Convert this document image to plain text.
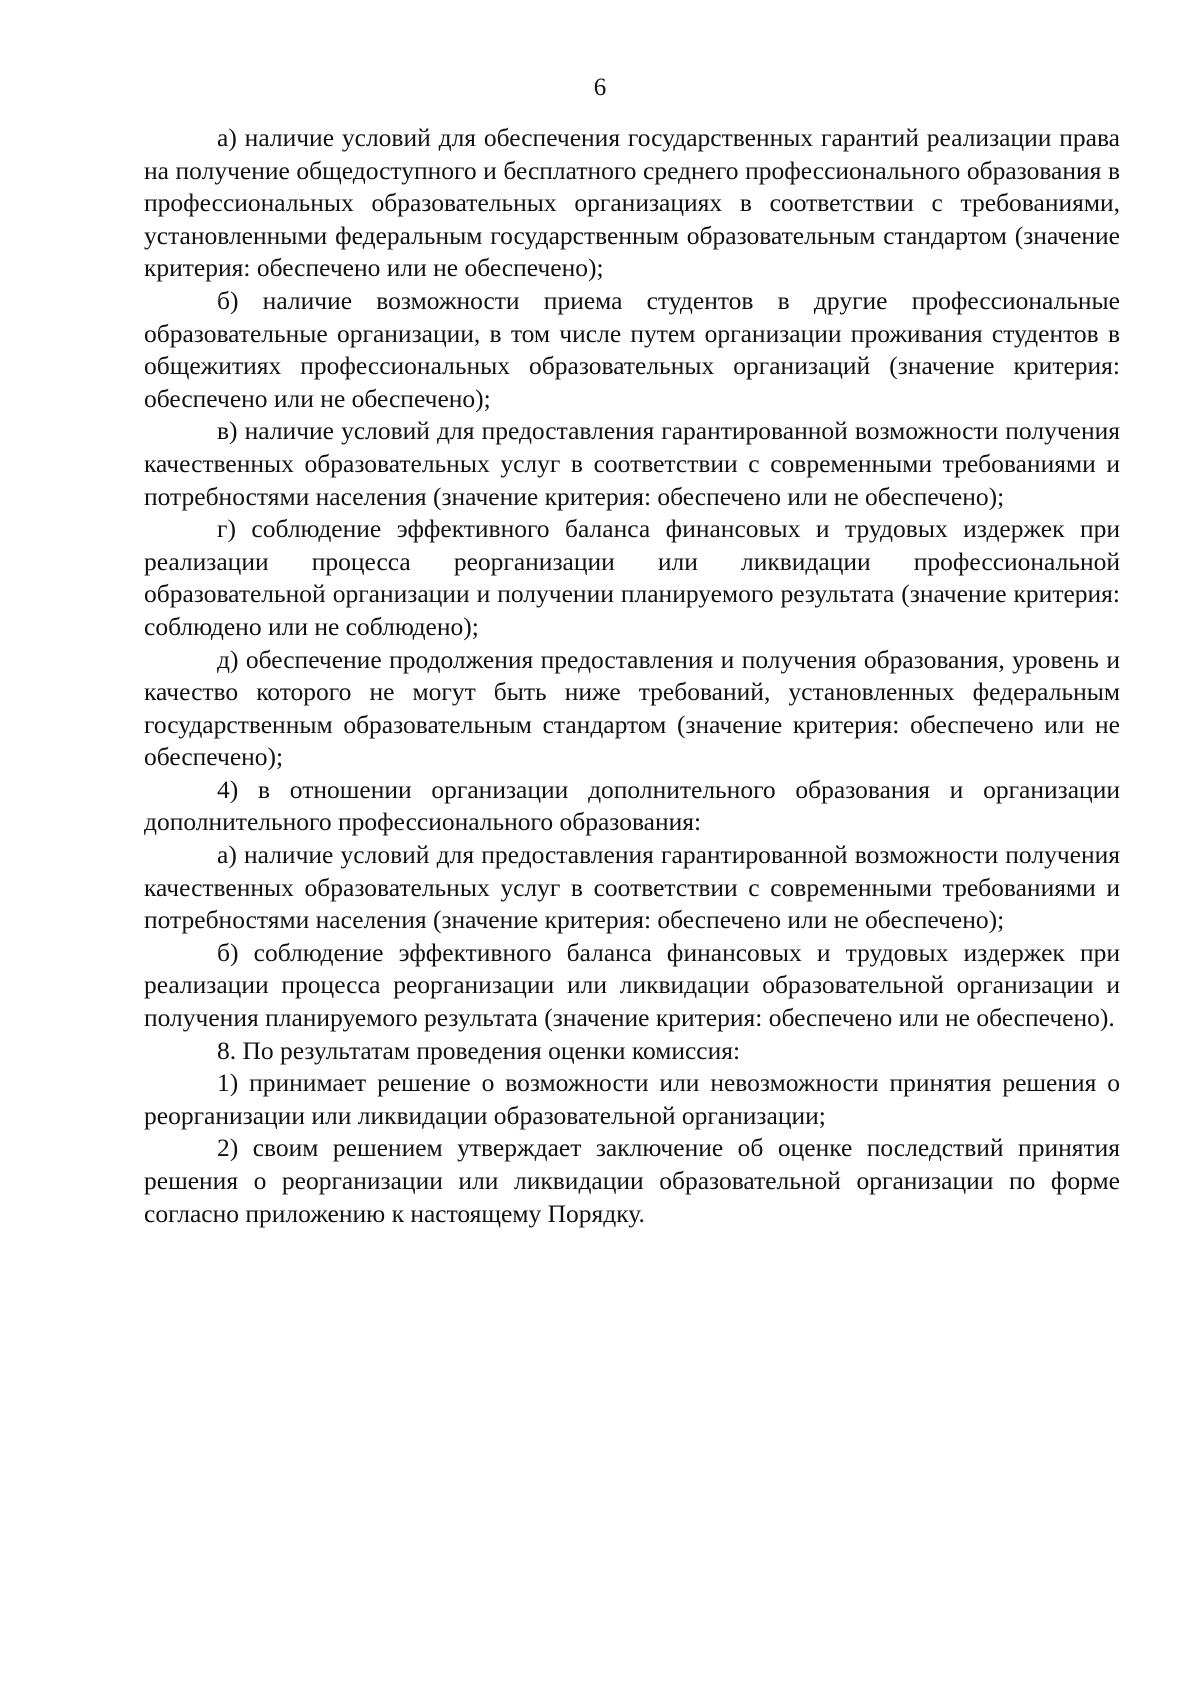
6

а) наличие условий для обеспечения государственных гарантий реализации права на получение общедоступного и бесплатного среднего профессионального образования в профессиональных образовательных организациях в соответствии с требованиями, установленными федеральным государственным образовательным стандартом (значение критерия: обеспечено или не обеспечено);

б) наличие возможности приема студентов в другие профессиональные образовательные организации, в том числе путем организации проживания студентов в общежитиях профессиональных образовательных организаций (значение критерия: обеспечено или не обеспечено);

в) наличие условий для предоставления гарантированной возможности получения качественных образовательных услуг в соответствии с современными требованиями и потребностями населения (значение критерия: обеспечено или не обеспечено);

г) соблюдение эффективного баланса финансовых и трудовых издержек при реализации процесса реорганизации или ликвидации профессиональной образовательной организации и получении планируемого результата (значение критерия: соблюдено или не соблюдено);

д) обеспечение продолжения предоставления и получения образования, уровень и качество которого не могут быть ниже требований, установленных федеральным государственным образовательным стандартом (значение критерия: обеспечено или не обеспечено);

4) в отношении организации дополнительного образования и организации дополнительного профессионального образования:

а) наличие условий для предоставления гарантированной возможности получения качественных образовательных услуг в соответствии с современными требованиями и потребностями населения (значение критерия: обеспечено или не обеспечено);

б) соблюдение эффективного баланса финансовых и трудовых издержек при реализации процесса реорганизации или ликвидации образовательной организации и получения планируемого результата (значение критерия: обеспечено или не обеспечено).

8. По результатам проведения оценки комиссия:

1) принимает решение о возможности или невозможности принятия решения о реорганизации или ликвидации образовательной организации;

2) своим решением утверждает заключение об оценке последствий принятия решения о реорганизации или ликвидации образовательной организации по форме согласно приложению к настоящему Порядку.
